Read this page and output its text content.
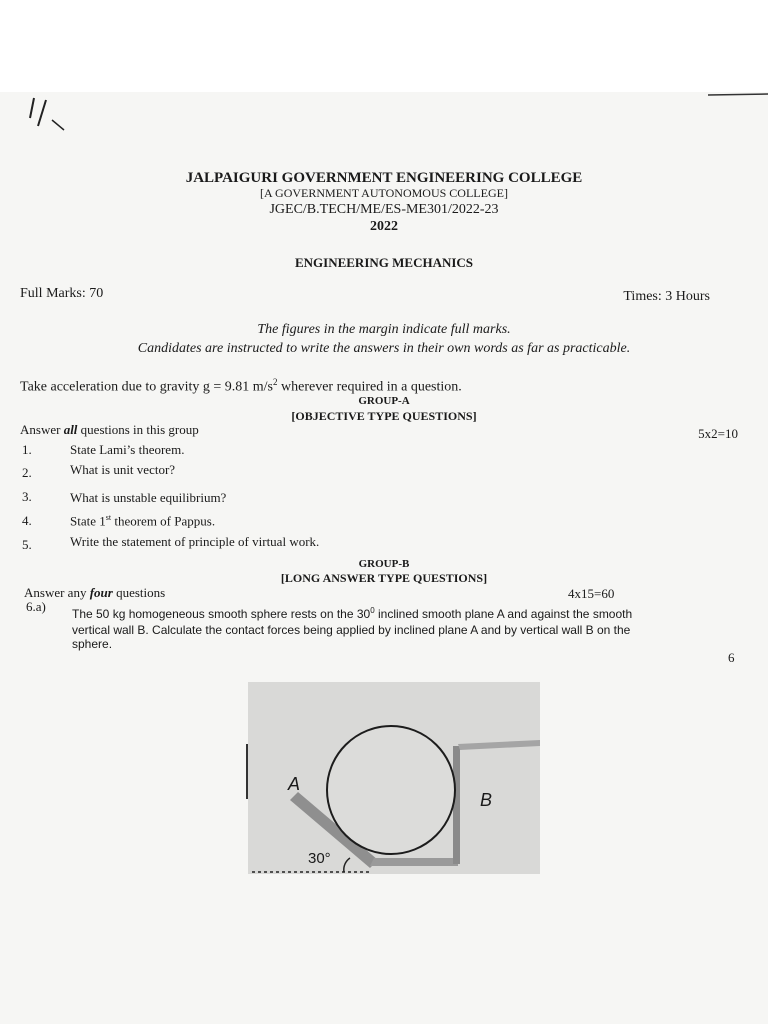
JALPAIGURI GOVERNMENT ENGINEERING COLLEGE
[A GOVERNMENT AUTONOMOUS COLLEGE]
JGEC/B.TECH/ME/ES-ME301/2022-23
2022
ENGINEERING MECHANICS
Full Marks: 70	Times: 3 Hours
The figures in the margin indicate full marks.
Candidates are instructed to write the answers in their own words as far as practicable.
Take acceleration due to gravity g = 9.81 $m/s^2$ wherever required in a question.
GROUP-A
[OBJECTIVE TYPE QUESTIONS]
Answer all questions in this group	5x2=10
1.	State Lami’s theorem.
2.	What is unit vector?
3.	What is unstable equilibrium?
4.	State 1st theorem of Pappus.
5.	Write the statement of principle of virtual work.
GROUP-B
[LONG ANSWER TYPE QUESTIONS]
Answer any four questions	4x15=60
6.a) The 50 kg homogeneous smooth sphere rests on the $30^0$ inclined smooth plane A and against the smooth
vertical wall B. Calculate the contact forces being applied by inclined plane A and by vertical wall B on the
sphere.
6
A
B
30°
